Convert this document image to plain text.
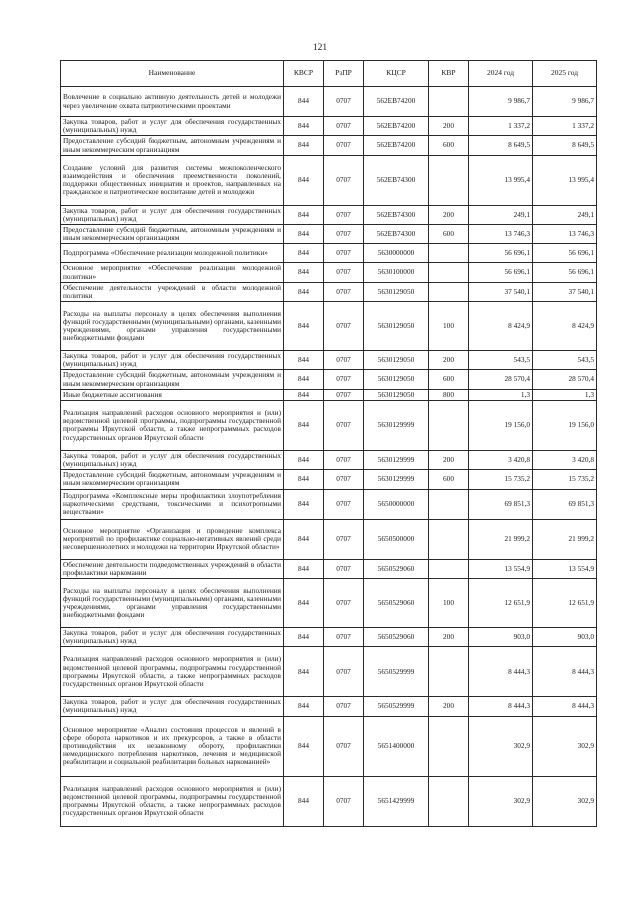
121
Наименование	КВСР	РзПР	КЦСР	КВР	2024 год	2025 год
Вовлечение в социально активную деятельность детей и молодежи через увеличение охвата патриотическими проектами	844	0707	562ЕВ74200		9 986,7	9 986,7
Закупка товаров, работ и услуг для обеспечения государственных (муниципальных) нужд	844	0707	562ЕВ74200	200	1 337,2	1 337,2
Предоставление субсидий бюджетным, автономным учреждениям и иным некоммерческим организациям	844	0707	562ЕВ74200	600	8 649,5	8 649,5
Создание условий для развития системы межпоколенческого взаимодействия и обеспечения преемственности поколений, поддержки общественных инициатив и проектов, направленных на гражданское и патриотическое воспитание детей и молодежи	844	0707	562ЕВ74300		13 995,4	13 995,4
Закупка товаров, работ и услуг для обеспечения государственных (муниципальных) нужд	844	0707	562ЕВ74300	200	249,1	249,1
Предоставление субсидий бюджетным, автономным учреждениям и иным некоммерческим организациям	844	0707	562ЕВ74300	600	13 746,3	13 746,3
Подпрограмма «Обеспечение реализации молодежной политики»	844	0707	5630000000		56 696,1	56 696,1
Основное мероприятие «Обеспечение реализации молодежной политики»	844	0707	5630100000		56 696,1	56 696,1
Обеспечение деятельности учреждений в области молодежной политики	844	0707	5630129050		37 540,1	37 540,1
Расходы на выплаты персоналу в целях обеспечения выполнения функций государственными (муниципальными) органами, казенными учреждениями, органами управления государственными внебюджетными фондами	844	0707	5630129050	100	8 424,9	8 424,9
Закупка товаров, работ и услуг для обеспечения государственных (муниципальных) нужд	844	0707	5630129050	200	543,5	543,5
Предоставление субсидий бюджетным, автономным учреждениям и иным некоммерческим организациям	844	0707	5630129050	600	28 570,4	28 570,4
Иные бюджетные ассигнования	844	0707	5630129050	800	1,3	1,3
Реализация направлений расходов основного мероприятия и (или) ведомственной целевой программы, подпрограммы государственной программы Иркутской области, а также непрограммных расходов государственных органов Иркутской области	844	0707	5630129999		19 156,0	19 156,0
Закупка товаров, работ и услуг для обеспечения государственных (муниципальных) нужд	844	0707	5630129999	200	3 420,8	3 420,8
Предоставление субсидий бюджетным, автономным учреждениям и иным некоммерческим организациям	844	0707	5630129999	600	15 735,2	15 735,2
Подпрограмма «Комплексные меры профилактики злоупотребления наркотическими средствами, токсическими и психотропными веществами»	844	0707	5650000000		69 851,3	69 851,3
Основное мероприятие «Организация и проведение комплекса мероприятий по профилактике социально-негативных явлений среди несовершеннолетних и молодежи на территории Иркутской области»	844	0707	5650500000		21 999,2	21 999,2
Обеспечение деятельности подведомственных учреждений в области профилактики наркомании	844	0707	5650529060		13 554,9	13 554,9
Расходы на выплаты персоналу в целях обеспечения выполнения функций государственными (муниципальными) органами, казенными учреждениями, органами управления государственными внебюджетными фондами	844	0707	5650529060	100	12 651,9	12 651,9
Закупка товаров, работ и услуг для обеспечения государственных (муниципальных) нужд	844	0707	5650529060	200	903,0	903,0
Реализация направлений расходов основного мероприятия и (или) ведомственной целевой программы, подпрограммы государственной программы Иркутской области, а также непрограммных расходов государственных органов Иркутской области	844	0707	5650529999		8 444,3	8 444,3
Закупка товаров, работ и услуг для обеспечения государственных (муниципальных) нужд	844	0707	5650529999	200	8 444,3	8 444,3
Основное мероприятие «Анализ состояния процессов и явлений в сфере оборота наркотиков и их прекурсоров, а также в области противодействия их незаконному обороту, профилактики немедицинского потребления наркотиков, лечения и медицинской реабилитации и социальной реабилитации больных наркоманией»	844	0707	5651400000		302,9	302,9
Реализация направлений расходов основного мероприятия и (или) ведомственной целевой программы, подпрограммы государственной программы Иркутской области, а также непрограммных расходов государственных органов Иркутской области	844	0707	5651429999		302,9	302,9
